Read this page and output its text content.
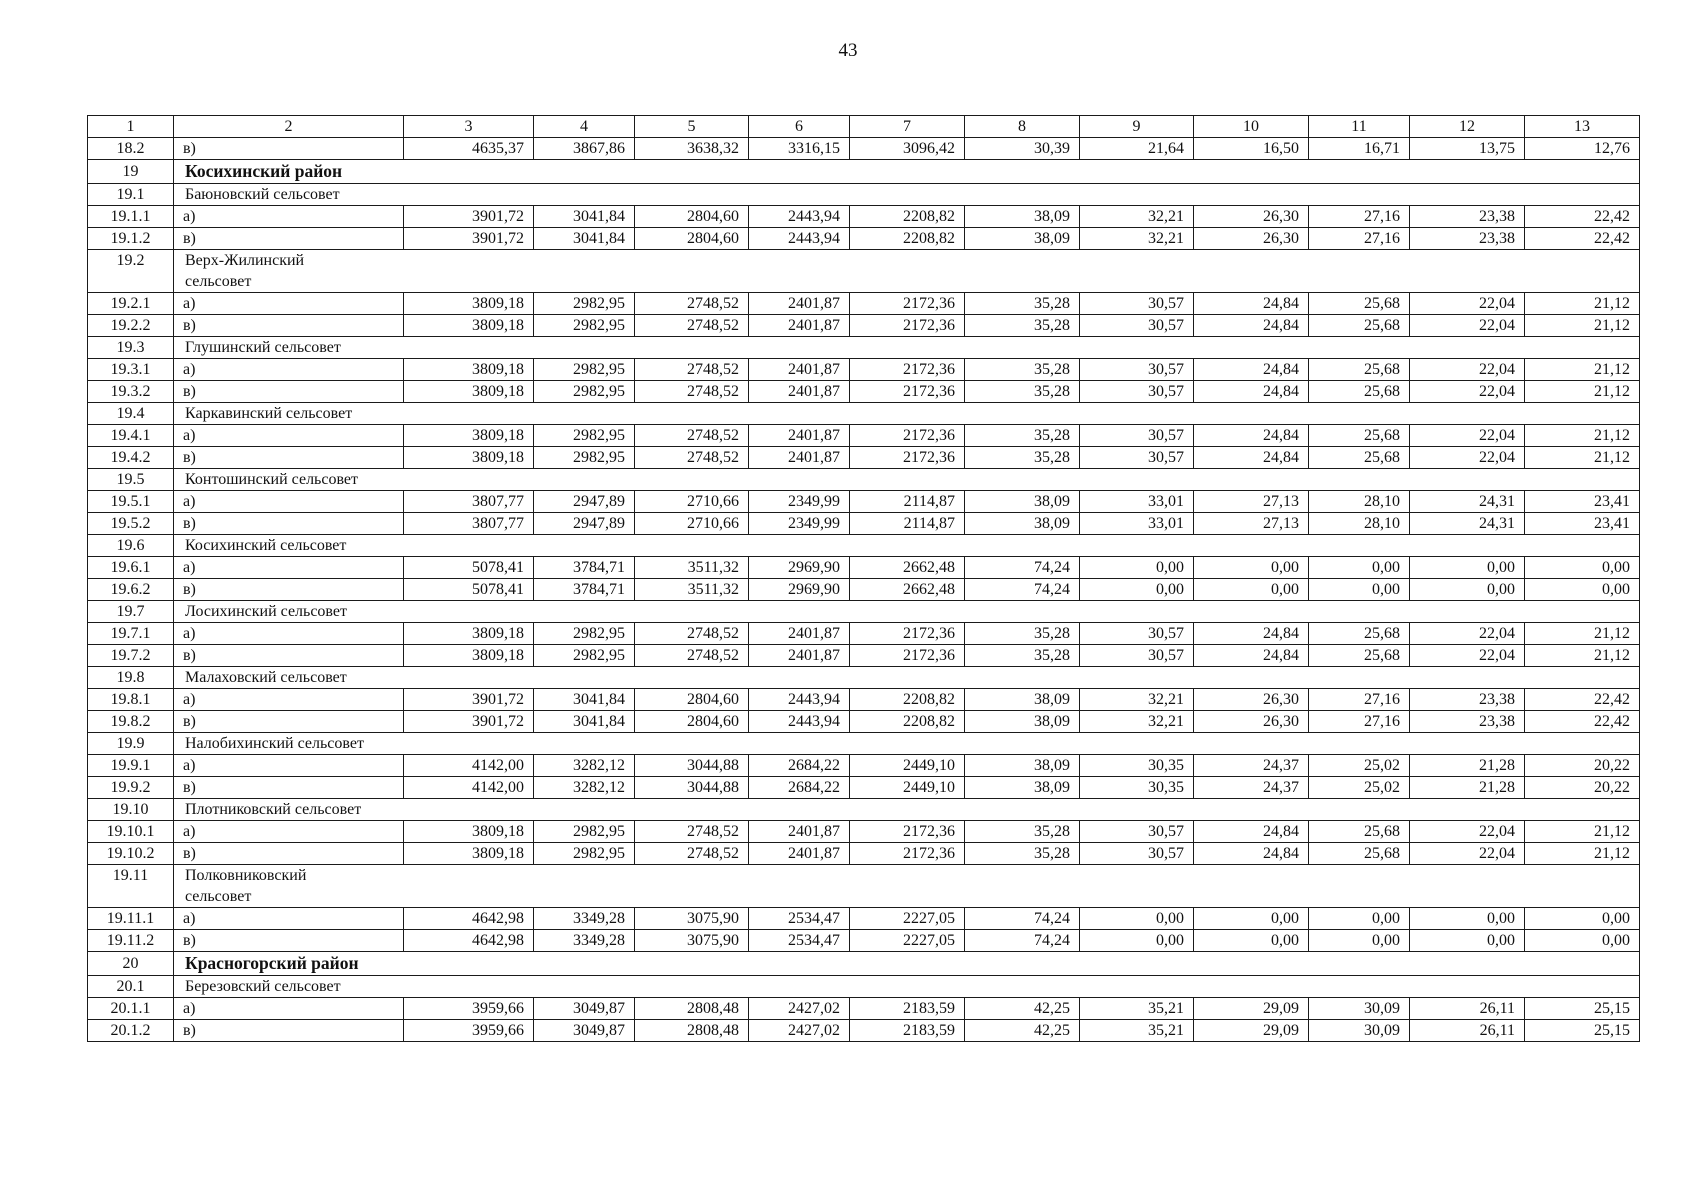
43
1	2	3	4	5	6	7	8	9	10	11	12	13
18.2	в)	4635,37	3867,86	3638,32	3316,15	3096,42	30,39	21,64	16,50	16,71	13,75	12,76
19	Косихинский район											
19.1	Баюновский сельсовет											
19.1.1	а)	3901,72	3041,84	2804,60	2443,94	2208,82	38,09	32,21	26,30	27,16	23,38	22,42
19.1.2	в)	3901,72	3041,84	2804,60	2443,94	2208,82	38,09	32,21	26,30	27,16	23,38	22,42
19.2	Верх-Жилинский сельсовет											
19.2.1	а)	3809,18	2982,95	2748,52	2401,87	2172,36	35,28	30,57	24,84	25,68	22,04	21,12
19.2.2	в)	3809,18	2982,95	2748,52	2401,87	2172,36	35,28	30,57	24,84	25,68	22,04	21,12
19.3	Глушинский сельсовет											
19.3.1	а)	3809,18	2982,95	2748,52	2401,87	2172,36	35,28	30,57	24,84	25,68	22,04	21,12
19.3.2	в)	3809,18	2982,95	2748,52	2401,87	2172,36	35,28	30,57	24,84	25,68	22,04	21,12
19.4	Каркавинский сельсовет											
19.4.1	а)	3809,18	2982,95	2748,52	2401,87	2172,36	35,28	30,57	24,84	25,68	22,04	21,12
19.4.2	в)	3809,18	2982,95	2748,52	2401,87	2172,36	35,28	30,57	24,84	25,68	22,04	21,12
19.5	Контошинский сельсовет											
19.5.1	а)	3807,77	2947,89	2710,66	2349,99	2114,87	38,09	33,01	27,13	28,10	24,31	23,41
19.5.2	в)	3807,77	2947,89	2710,66	2349,99	2114,87	38,09	33,01	27,13	28,10	24,31	23,41
19.6	Косихинский сельсовет											
19.6.1	а)	5078,41	3784,71	3511,32	2969,90	2662,48	74,24	0,00	0,00	0,00	0,00	0,00
19.6.2	в)	5078,41	3784,71	3511,32	2969,90	2662,48	74,24	0,00	0,00	0,00	0,00	0,00
19.7	Лосихинский сельсовет											
19.7.1	а)	3809,18	2982,95	2748,52	2401,87	2172,36	35,28	30,57	24,84	25,68	22,04	21,12
19.7.2	в)	3809,18	2982,95	2748,52	2401,87	2172,36	35,28	30,57	24,84	25,68	22,04	21,12
19.8	Малаховский сельсовет											
19.8.1	а)	3901,72	3041,84	2804,60	2443,94	2208,82	38,09	32,21	26,30	27,16	23,38	22,42
19.8.2	в)	3901,72	3041,84	2804,60	2443,94	2208,82	38,09	32,21	26,30	27,16	23,38	22,42
19.9	Налобихинский сельсовет											
19.9.1	а)	4142,00	3282,12	3044,88	2684,22	2449,10	38,09	30,35	24,37	25,02	21,28	20,22
19.9.2	в)	4142,00	3282,12	3044,88	2684,22	2449,10	38,09	30,35	24,37	25,02	21,28	20,22
19.10	Плотниковский сельсовет											
19.10.1	а)	3809,18	2982,95	2748,52	2401,87	2172,36	35,28	30,57	24,84	25,68	22,04	21,12
19.10.2	в)	3809,18	2982,95	2748,52	2401,87	2172,36	35,28	30,57	24,84	25,68	22,04	21,12
19.11	Полковниковский сельсовет											
19.11.1	а)	4642,98	3349,28	3075,90	2534,47	2227,05	74,24	0,00	0,00	0,00	0,00	0,00
19.11.2	в)	4642,98	3349,28	3075,90	2534,47	2227,05	74,24	0,00	0,00	0,00	0,00	0,00
20	Красногорский район											
20.1	Березовский сельсовет											
20.1.1	а)	3959,66	3049,87	2808,48	2427,02	2183,59	42,25	35,21	29,09	30,09	26,11	25,15
20.1.2	в)	3959,66	3049,87	2808,48	2427,02	2183,59	42,25	35,21	29,09	30,09	26,11	25,15
